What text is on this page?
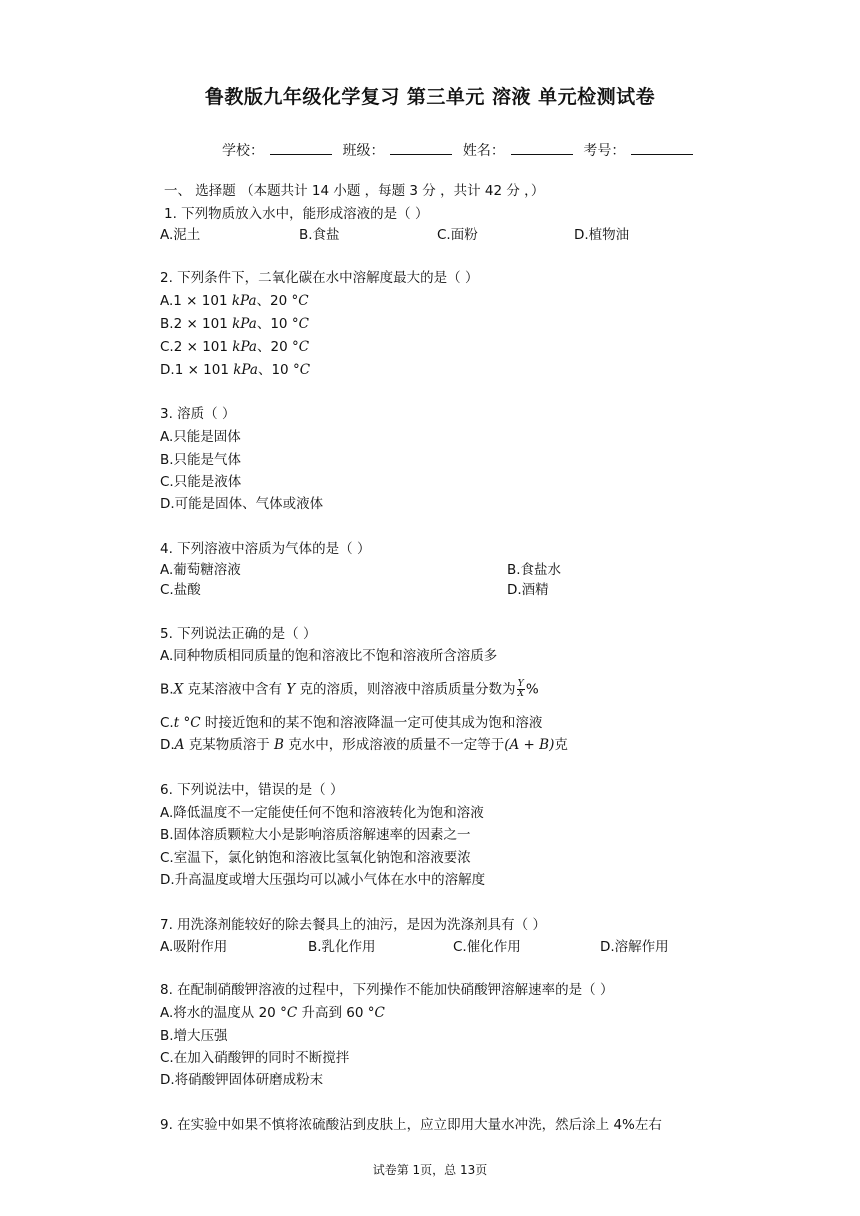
鲁教版九年级化学复习 第三单元 溶液 单元检测试卷
学校：	班级：	姓名：	考号：
一、 选择题 （本题共计 14 小题 ，每题 3 分 ，共计 42 分 ，）
1. 下列物质放入水中，能形成溶液的是（ ）
A.泥土	B.食盐	C.面粉	D.植物油
2. 下列条件下，二氧化碳在水中溶解度最大的是（ ）
A.1 × 101 kPa、20 °C
B.2 × 101 kPa、10 °C
C.2 × 101 kPa、20 °C
D.1 × 101 kPa、10 °C
3. 溶质（ ）
A.只能是固体
B.只能是气体
C.只能是液体
D.可能是固体、气体或液体
4. 下列溶液中溶质为气体的是（ ）
A.葡萄糖溶液	B.食盐水
C.盐酸	D.酒精
5. 下列说法正确的是（ ）
A.同种物质相同质量的饱和溶液比不饱和溶液所含溶质多
B.X 克某溶液中含有 Y 克的溶质，则溶液中溶质质量分数为 $\frac{Y}{X}$ %
C.t °C 时接近饱和的某不饱和溶液降温一定可使其成为饱和溶液
D.A 克某物质溶于 B 克水中，形成溶液的质量不一定等于(A + B)克
6. 下列说法中，错误的是（ ）
A.降低温度不一定能使任何不饱和溶液转化为饱和溶液
B.固体溶质颗粒大小是影响溶质溶解速率的因素之一
C.室温下，氯化钠饱和溶液比氢氧化钠饱和溶液要浓
D.升高温度或增大压强均可以减小气体在水中的溶解度
7. 用洗涤剂能较好的除去餐具上的油污，是因为洗涤剂具有（ ）
A.吸附作用	B.乳化作用	C.催化作用	D.溶解作用
8. 在配制硝酸钾溶液的过程中，下列操作不能加快硝酸钾溶解速率的是（ ）
A.将水的温度从 20 °C 升高到 60 °C
B.增大压强
C.在加入硝酸钾的同时不断搅拌
D.将硝酸钾固体研磨成粉末
9. 在实验中如果不慎将浓硫酸沾到皮肤上，应立即用大量水冲洗，然后涂上 4%左右
试卷第 1页，总 13页
